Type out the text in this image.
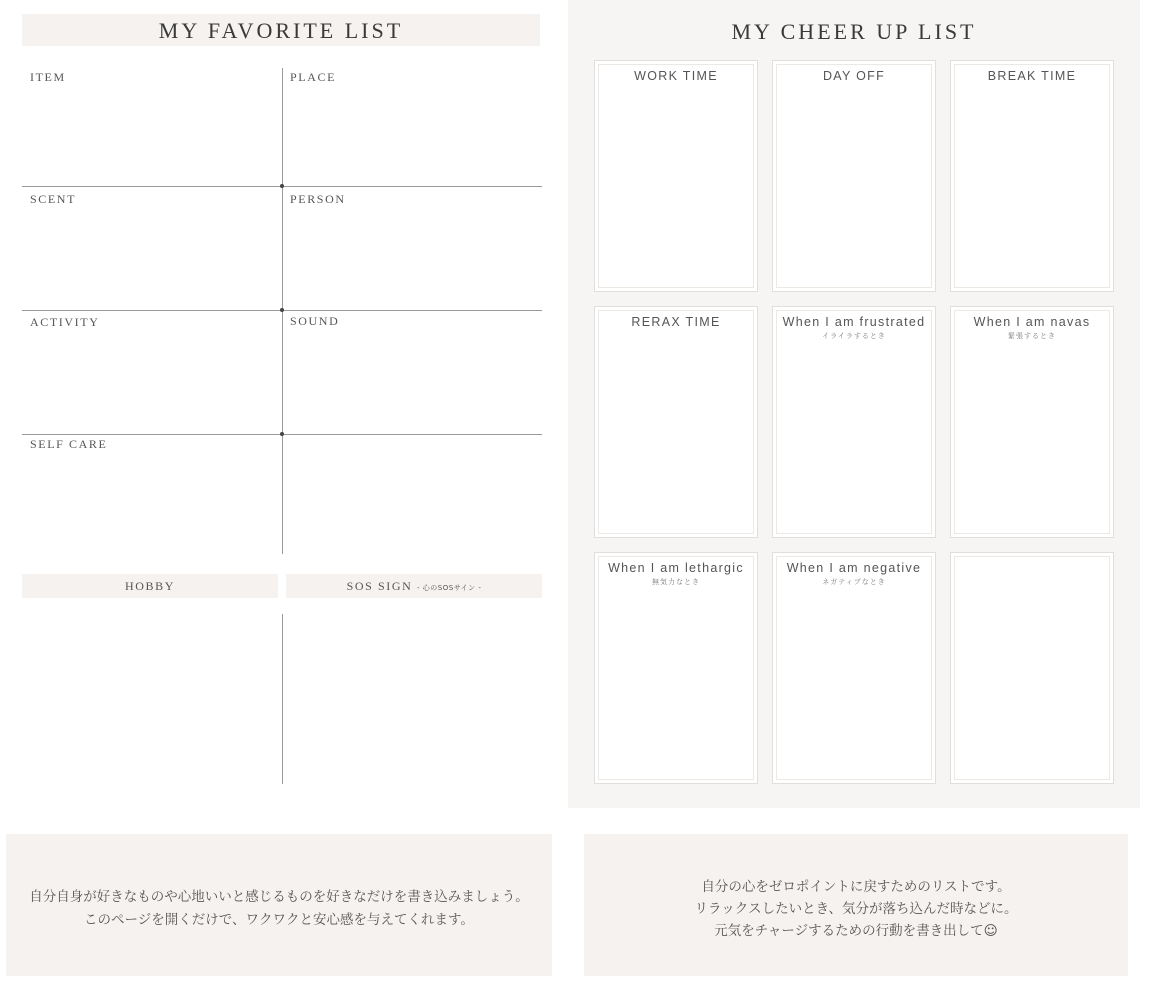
MY FAVORITE LIST
ITEM	PLACE
SCENT	PERSON
ACTIVITY	SOUND
SELF CARE
HOBBY	SOS SIGN - 心のSOSサイン -
MY CHEER UP LIST
WORK TIME	DAY OFF	BREAK TIME
RERAX TIME	When I am frustrated
イライラするとき
When I am navas
緊張するとき
When I am lethargic
無気力なとき
When I am negative
ネガティブなとき
自分自身が好きなものや心地いいと感じるものを好きなだけを書き込みましょう。
このページを開くだけで、ワクワクと安心感を与えてくれます。
自分の心をゼロポイントに戻すためのリストです。
リラックスしたいとき、気分が落ち込んだ時などに。
元気をチャージするための行動を書き出して☺
